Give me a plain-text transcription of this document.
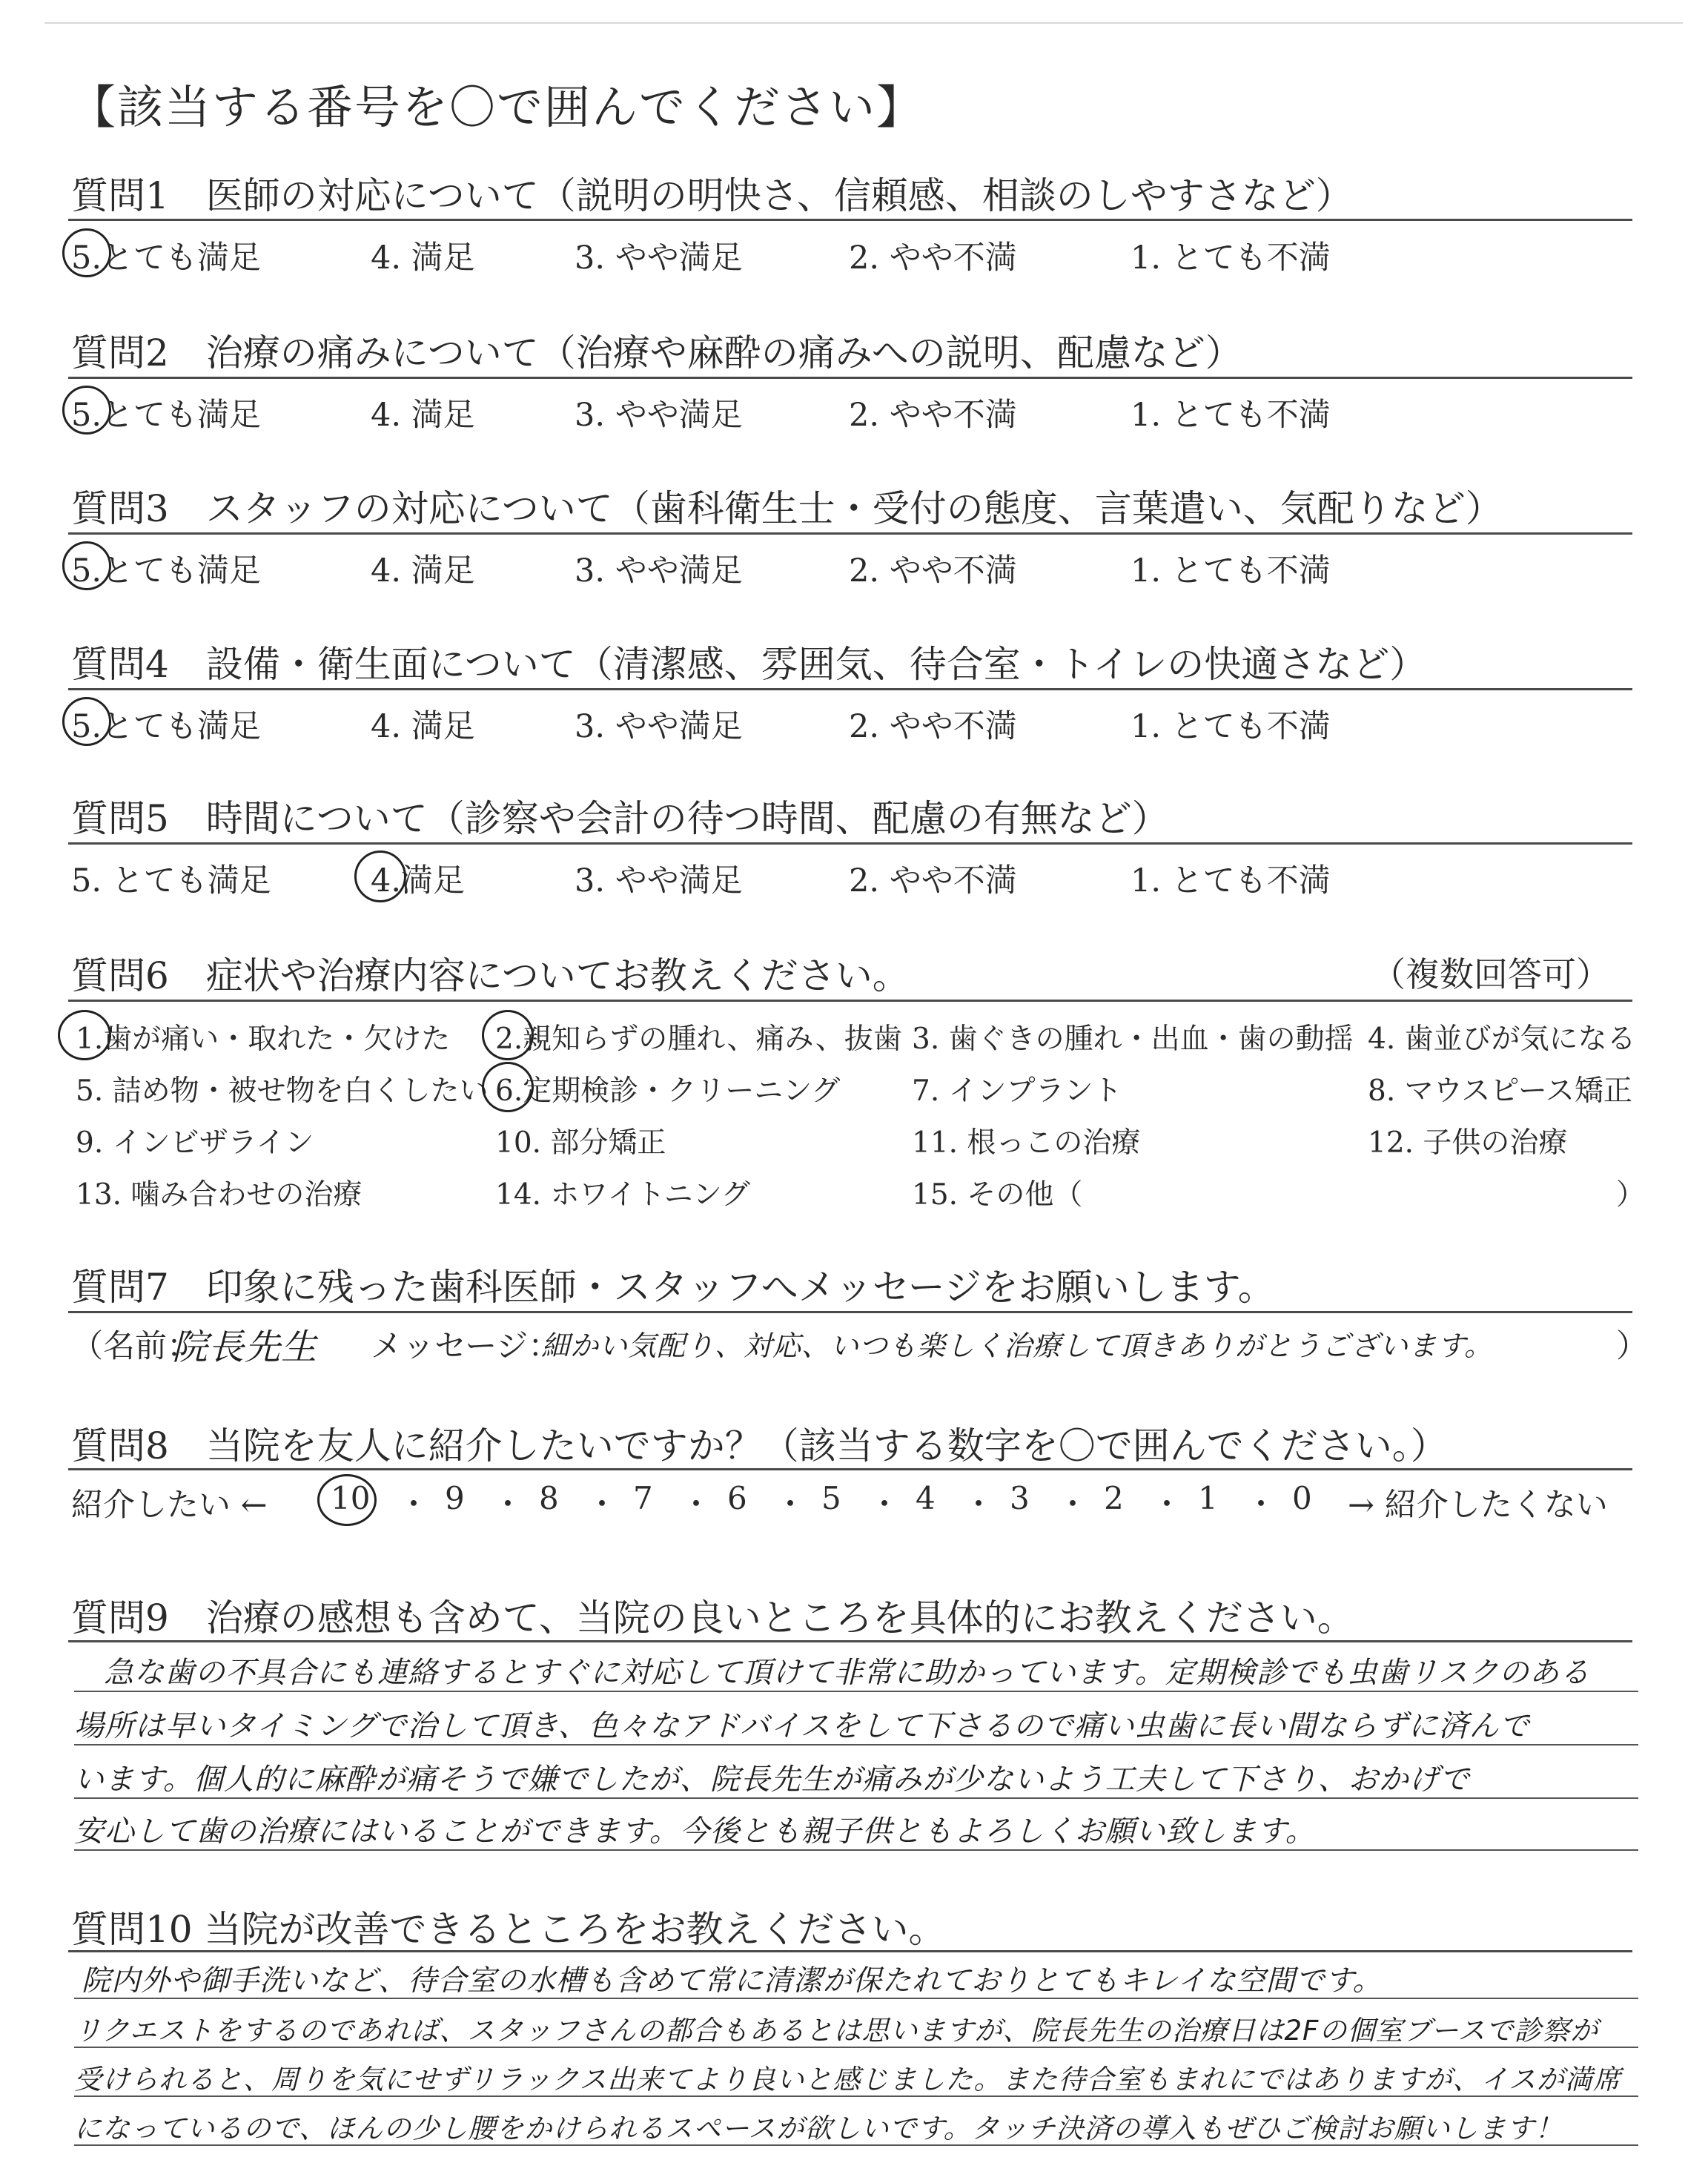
【該当する番号を〇で囲んでください】
質問1　医師の対応について（説明の明快さ、信頼感、相談のしやすさなど）
5.とても満足	4. 満足	3. やや満足	2. やや不満	1. とても不満
質問2　治療の痛みについて（治療や麻酔の痛みへの説明、配慮など）
5.とても満足	4. 満足	3. やや満足	2. やや不満	1. とても不満
質問3　スタッフの対応について（歯科衛生士・受付の態度、言葉遣い、気配りなど）
5.とても満足	4. 満足	3. やや満足	2. やや不満	1. とても不満
質問4　設備・衛生面について（清潔感、雰囲気、待合室・トイレの快適さなど）
5.とても満足	4. 満足	3. やや満足	2. やや不満	1. とても不満
質問5　時間について（診察や会計の待つ時間、配慮の有無など）
5. とても満足	4.満足	3. やや満足	2. やや不満	1. とても不満
質問6　症状や治療内容についてお教えください。	（複数回答可）
1.歯が痛い・取れた・欠けた 2.親知らずの腫れ、痛み、抜歯 3. 歯ぐきの腫れ・出血・歯の動揺 4. 歯並びが気になる
5. 詰め物・被せ物を白くしたい 6.定期検診・クリーニング 7. インプラント	8. マウスピース矯正
9. インビザライン	10. 部分矯正	11. 根っこの治療	12. 子供の治療
13. 噛み合わせの治療	14. ホワイトニング	15. その他（	）
質問7　印象に残った歯科医師・スタッフへメッセージをお願いします。
（名前：
院長先生 メッセージ：
細かい気配り、対応、いつも楽しく治療して頂きありがとうございます。	）
質問8　当院を友人に紹介したいですか？（該当する数字を〇で囲んでください。）
紹介したい ← 10 ・ 9 ・ 8 ・ 7 ・ 6 ・ 5 ・ 4 ・ 3 ・ 2 ・ 1 ・ 0 → 紹介したくない
質問9　治療の感想も含めて、当院の良いところを具体的にお教えください。
急な歯の不具合にも連絡するとすぐに対応して頂けて非常に助かっています。定期検診でも虫歯リスクのある
場所は早いタイミングで治して頂き、色々なアドバイスをして下さるので痛い虫歯に長い間ならずに済んで
います。個人的に麻酔が痛そうで嫌でしたが、院長先生が痛みが少ないよう工夫して下さり、おかげで
安心して歯の治療にはいることができます。今後とも親子供ともよろしくお願い致します。
質問10 当院が改善できるところをお教えください。
院内外や御手洗いなど、待合室の水槽も含めて常に清潔が保たれておりとてもキレイな空間です。
リクエストをするのであれば、スタッフさんの都合もあるとは思いますが、院長先生の治療日は2Fの個室ブースで診察が
受けられると、周りを気にせずリラックス出来てより良いと感じました。また待合室もまれにではありますが、イスが満席
になっているので、ほんの少し腰をかけられるスペースが欲しいです。タッチ決済の導入もぜひご検討お願いします！
